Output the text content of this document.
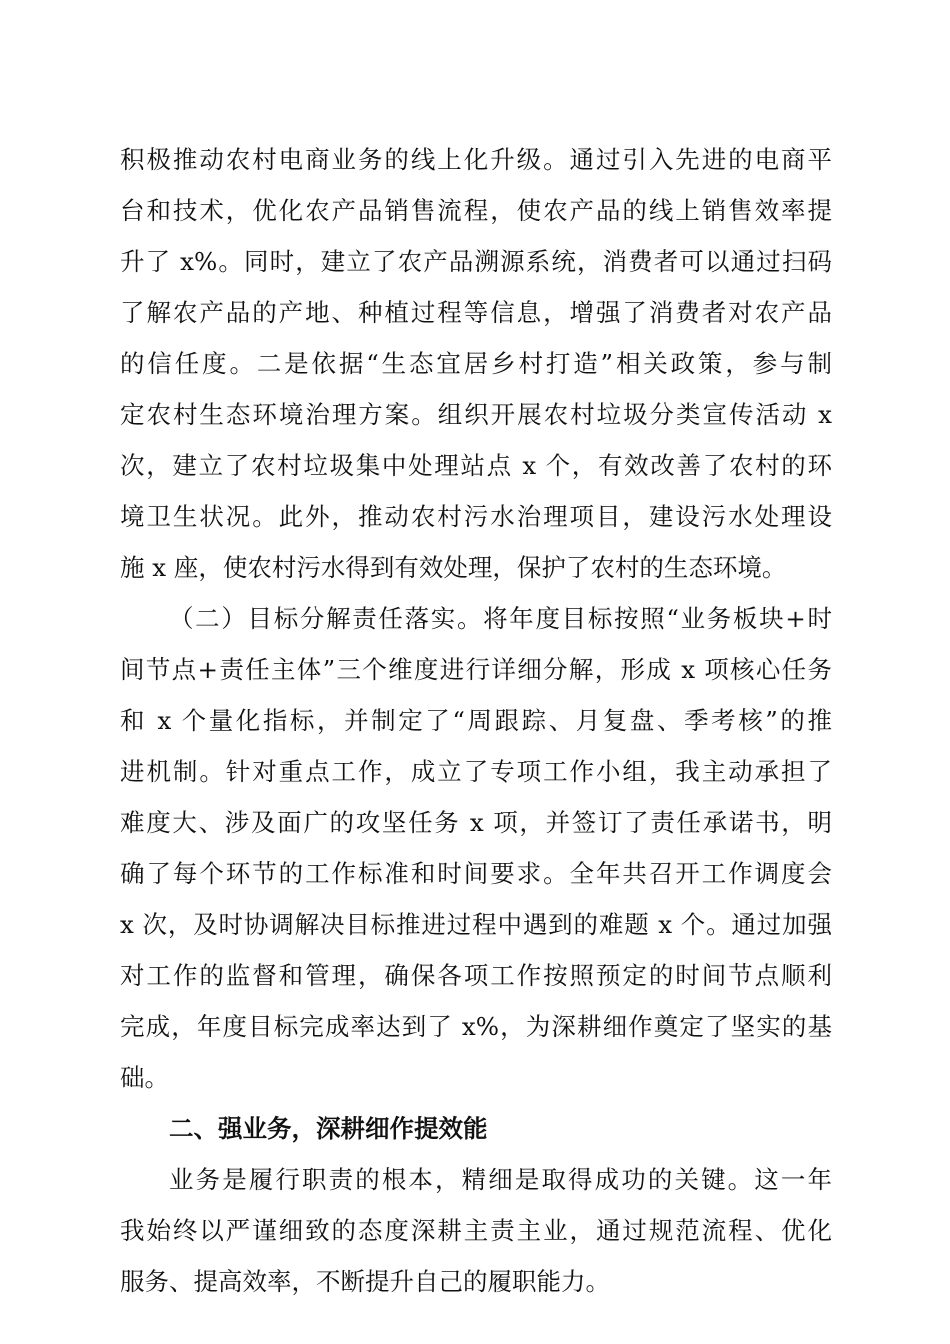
积极推动农村电商业务的线上化升级。通过引入先进的电商平
台和技术，优化农产品销售流程，使农产品的线上销售效率提
升了 x%。同时，建立了农产品溯源系统，消费者可以通过扫码
了解农产品的产地、种植过程等信息，增强了消费者对农产品
的信任度。二是依据“生态宜居乡村打造”相关政策，参与制
定农村生态环境治理方案。组织开展农村垃圾分类宣传活动 x
次，建立了农村垃圾集中处理站点 x 个，有效改善了农村的环
境卫生状况。此外，推动农村污水治理项目，建设污水处理设
施 x 座，使农村污水得到有效处理，保护了农村的生态环境。
（二）目标分解责任落实。将年度目标按照“业务板块+时
间节点+责任主体”三个维度进行详细分解，形成 x 项核心任务
和 x 个量化指标，并制定了“周跟踪、月复盘、季考核”的推
进机制。针对重点工作，成立了专项工作小组，我主动承担了
难度大、涉及面广的攻坚任务 x 项，并签订了责任承诺书，明
确了每个环节的工作标准和时间要求。全年共召开工作调度会
x 次，及时协调解决目标推进过程中遇到的难题 x 个。通过加强
对工作的监督和管理，确保各项工作按照预定的时间节点顺利
完成，年度目标完成率达到了 x%，为深耕细作奠定了坚实的基
础。
二、强业务，深耕细作提效能
业务是履行职责的根本，精细是取得成功的关键。这一年
我始终以严谨细致的态度深耕主责主业，通过规范流程、优化
服务、提高效率，不断提升自己的履职能力。
